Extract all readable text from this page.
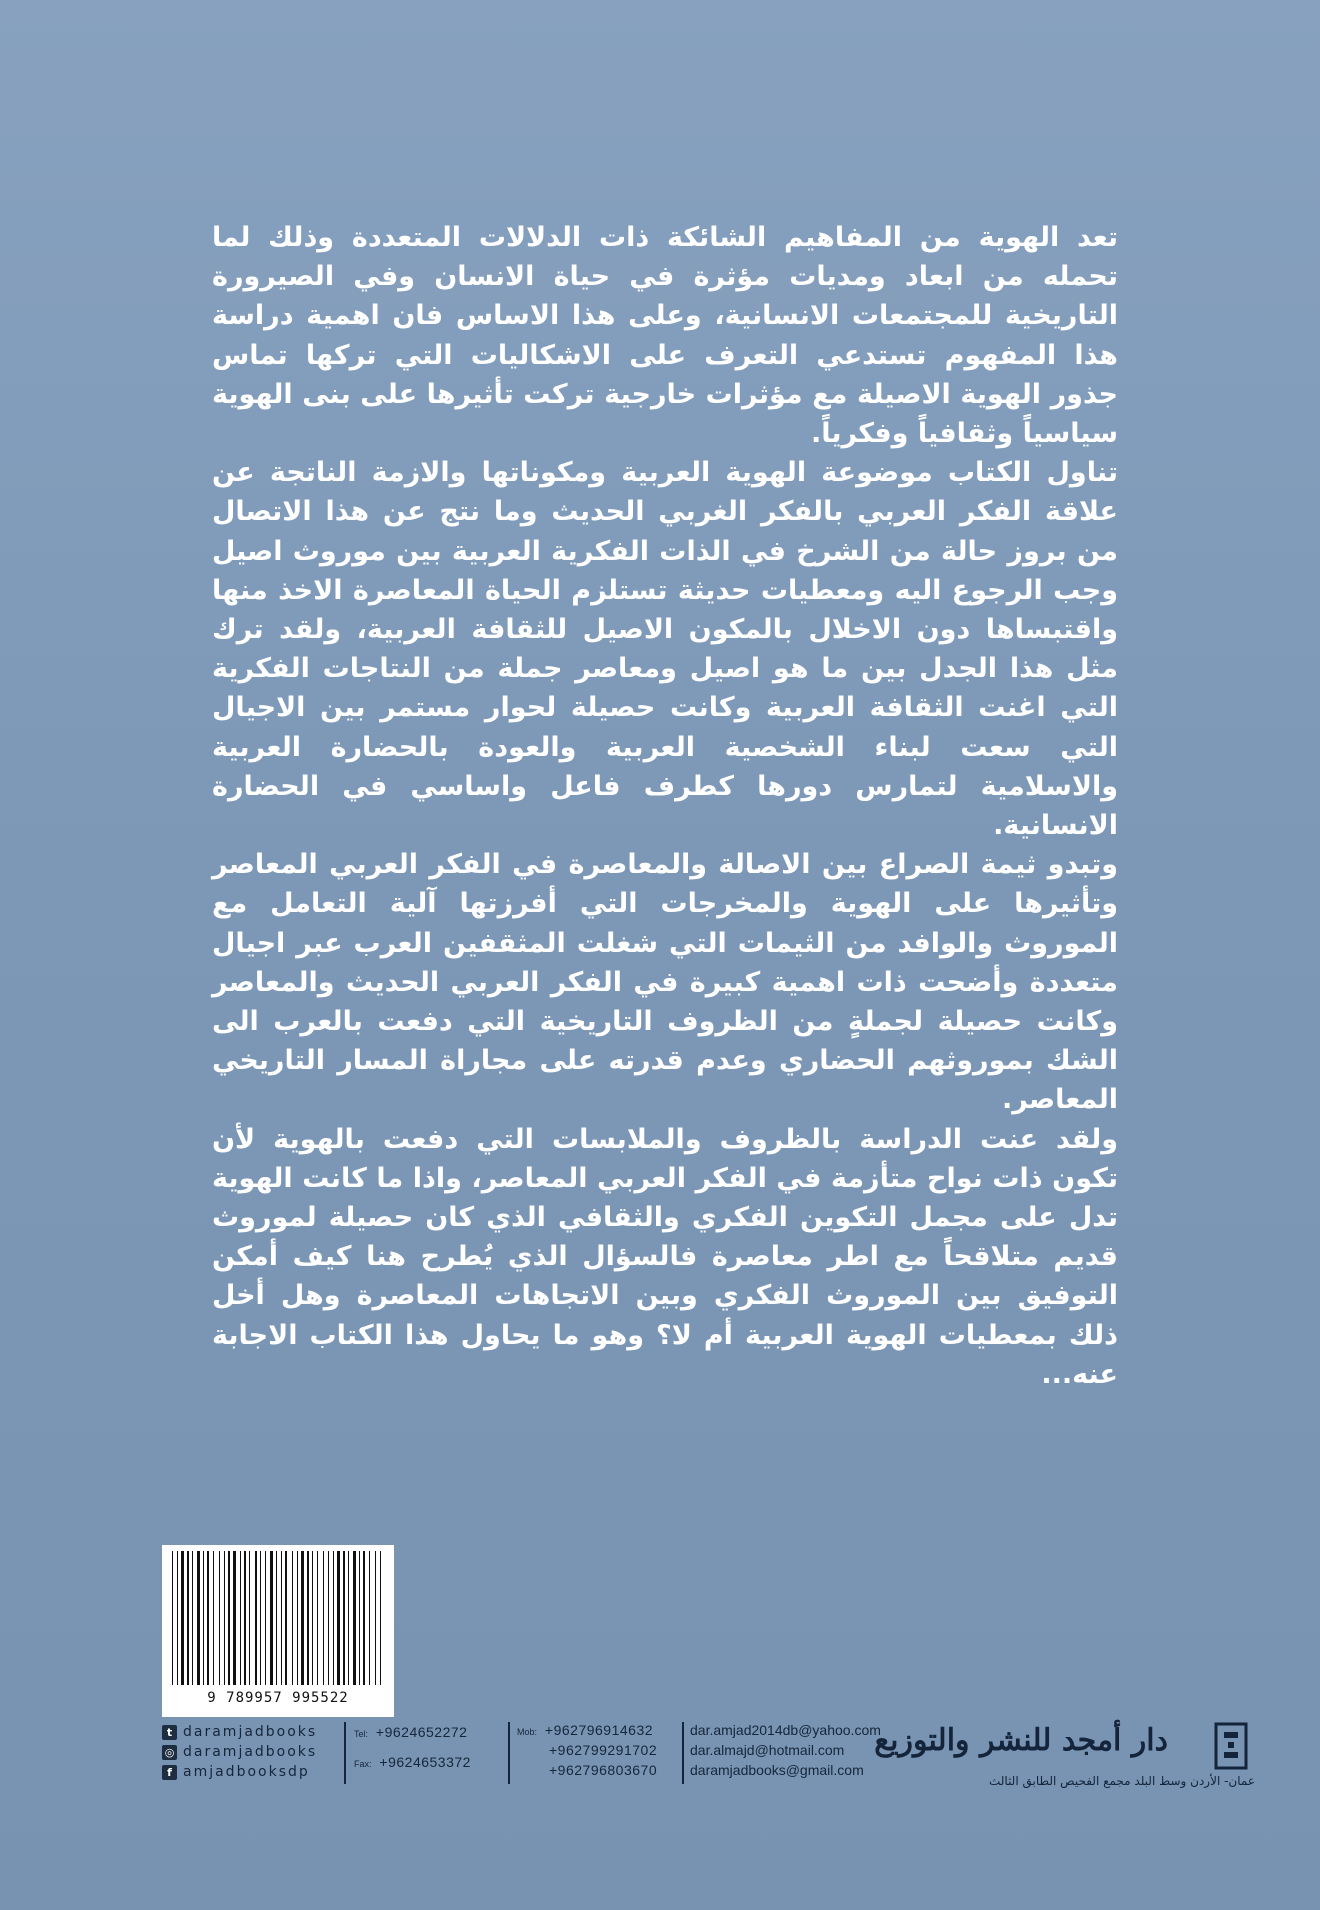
تعد الهوية من المفاهيم الشائكة ذات الدلالات المتعددة وذلك لما تحمله من ابعاد ومديات مؤثرة في حياة الانسان وفي الصيرورة التاريخية للمجتمعات الانسانية، وعلى هذا الاساس فان اهمية دراسة هذا المفهوم تستدعي التعرف على الاشكاليات التي تركها تماس جذور الهوية الاصيلة مع مؤثرات خارجية تركت تأثيرها على بنى الهوية سياسياً وثقافياً وفكرياً.

تناول الكتاب موضوعة الهوية العربية ومكوناتها والازمة الناتجة عن علاقة الفكر العربي بالفكر الغربي الحديث وما نتج عن هذا الاتصال من بروز حالة من الشرخ في الذات الفكرية العربية بين موروث اصيل وجب الرجوع اليه ومعطيات حديثة تستلزم الحياة المعاصرة الاخذ منها واقتبساها دون الاخلال بالمكون الاصيل للثقافة العربية، ولقد ترك مثل هذا الجدل بين ما هو اصيل ومعاصر جملة من النتاجات الفكرية التي اغنت الثقافة العربية وكانت حصيلة لحوار مستمر بين الاجيال التي سعت لبناء الشخصية العربية والعودة بالحضارة العربية والاسلامية لتمارس دورها كطرف فاعل واساسي في الحضارة الانسانية.

وتبدو ثيمة الصراع بين الاصالة والمعاصرة في الفكر العربي المعاصر وتأثيرها على الهوية والمخرجات التي أفرزتها آلية التعامل مع الموروث والوافد من الثيمات التي شغلت المثقفين العرب عبر اجيال متعددة وأضحت ذات اهمية كبيرة في الفكر العربي الحديث والمعاصر وكانت حصيلة لجملةٍ من الظروف التاريخية التي دفعت بالعرب الى الشك بموروثهم الحضاري وعدم قدرته على مجاراة المسار التاريخي المعاصر.

ولقد عنت الدراسة بالظروف والملابسات التي دفعت بالهوية لأن تكون ذات نواح متأزمة في الفكر العربي المعاصر، واذا ما كانت الهوية تدل على مجمل التكوين الفكري والثقافي الذي كان حصيلة لموروث قديم متلاقحاً مع اطر معاصرة فالسؤال الذي يُطرح هنا كيف أمكن التوفيق بين الموروث الفكري وبين الاتجاهات المعاصرة وهل أخل ذلك بمعطيات الهوية العربية أم لا؟ وهو ما يحاول هذا الكتاب الاجابة عنه...

9 789957 995522
t daramjadbooks
◎ daramjadbooks
f amjadbooksdp
Tel: +9624652272
Fax: +9624653372
Mob: +962796914632
+962799291702
+962796803670
dar.amjad2014db@yahoo.com
dar.almajd@hotmail.com
daramjadbooks@gmail.com
دار أمجد للنشر والتوزيع
عمان- الأردن وسط البلد مجمع الفحيص الطابق الثالث
